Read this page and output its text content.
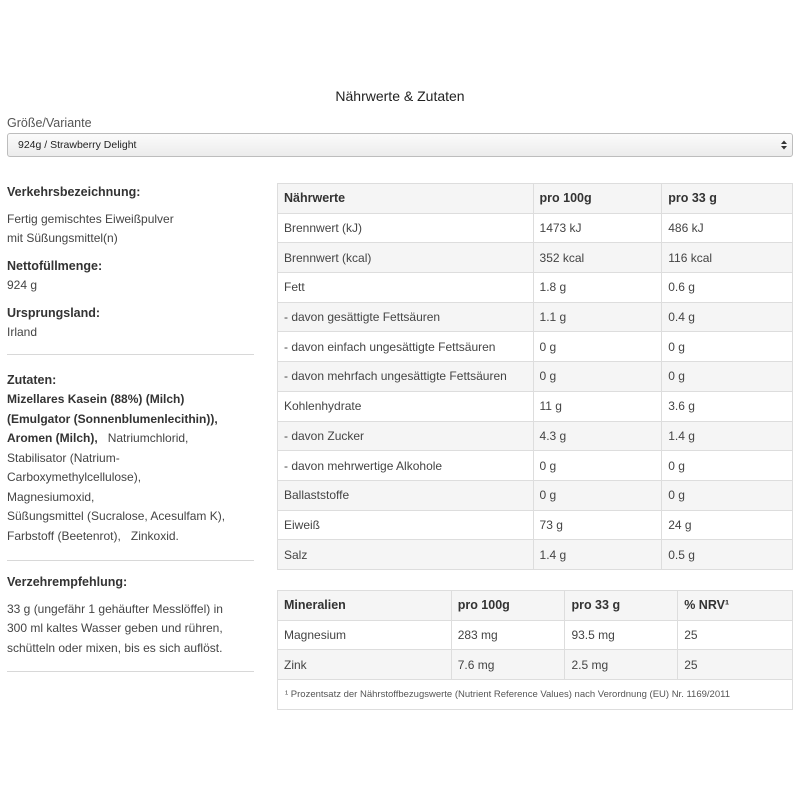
Nährwerte & Zutaten
Größe/Variante
924g / Strawberry Delight
Verkehrsbezeichnung:
Fertig gemischtes Eiweißpulver
mit Süßungsmittel(n)
Nettofüllmenge:
924 g
Ursprungsland:
Irland
Zutaten:
Mizellares Kasein (88%) (Milch)
(Emulgator (Sonnenblumenlecithin)),
Aromen (Milch), Natriumchlorid,
Stabilisator (Natrium-
Carboxymethylcellulose),
Magnesiumoxid,
Süßungsmittel (Sucralose, Acesulfam K),
Farbstoff (Beetenrot), Zinkoxid.
Verzehrempfehlung:
33 g (ungefähr 1 gehäufter Messlöffel) in
300 ml kaltes Wasser geben und rühren,
schütteln oder mixen, bis es sich auflöst.
Nährwerte	pro 100g	pro 33 g
Brennwert (kJ)	1473 kJ	486 kJ
Brennwert (kcal)	352 kcal	116 kcal
Fett	1.8 g	0.6 g
- davon gesättigte Fettsäuren	1.1 g	0.4 g
- davon einfach ungesättigte Fettsäuren	0 g	0 g
- davon mehrfach ungesättigte Fettsäuren	0 g	0 g
Kohlenhydrate	11 g	3.6 g
- davon Zucker	4.3 g	1.4 g
- davon mehrwertige Alkohole	0 g	0 g
Ballaststoffe	0 g	0 g
Eiweiß	73 g	24 g
Salz	1.4 g	0.5 g
Mineralien	pro 100g	pro 33 g	% NRV¹
Magnesium	283 mg	93.5 mg	25
Zink	7.6 mg	2.5 mg	25
¹ Prozentsatz der Nährstoffbezugswerte (Nutrient Reference Values) nach Verordnung (EU) Nr. 1169/2011
